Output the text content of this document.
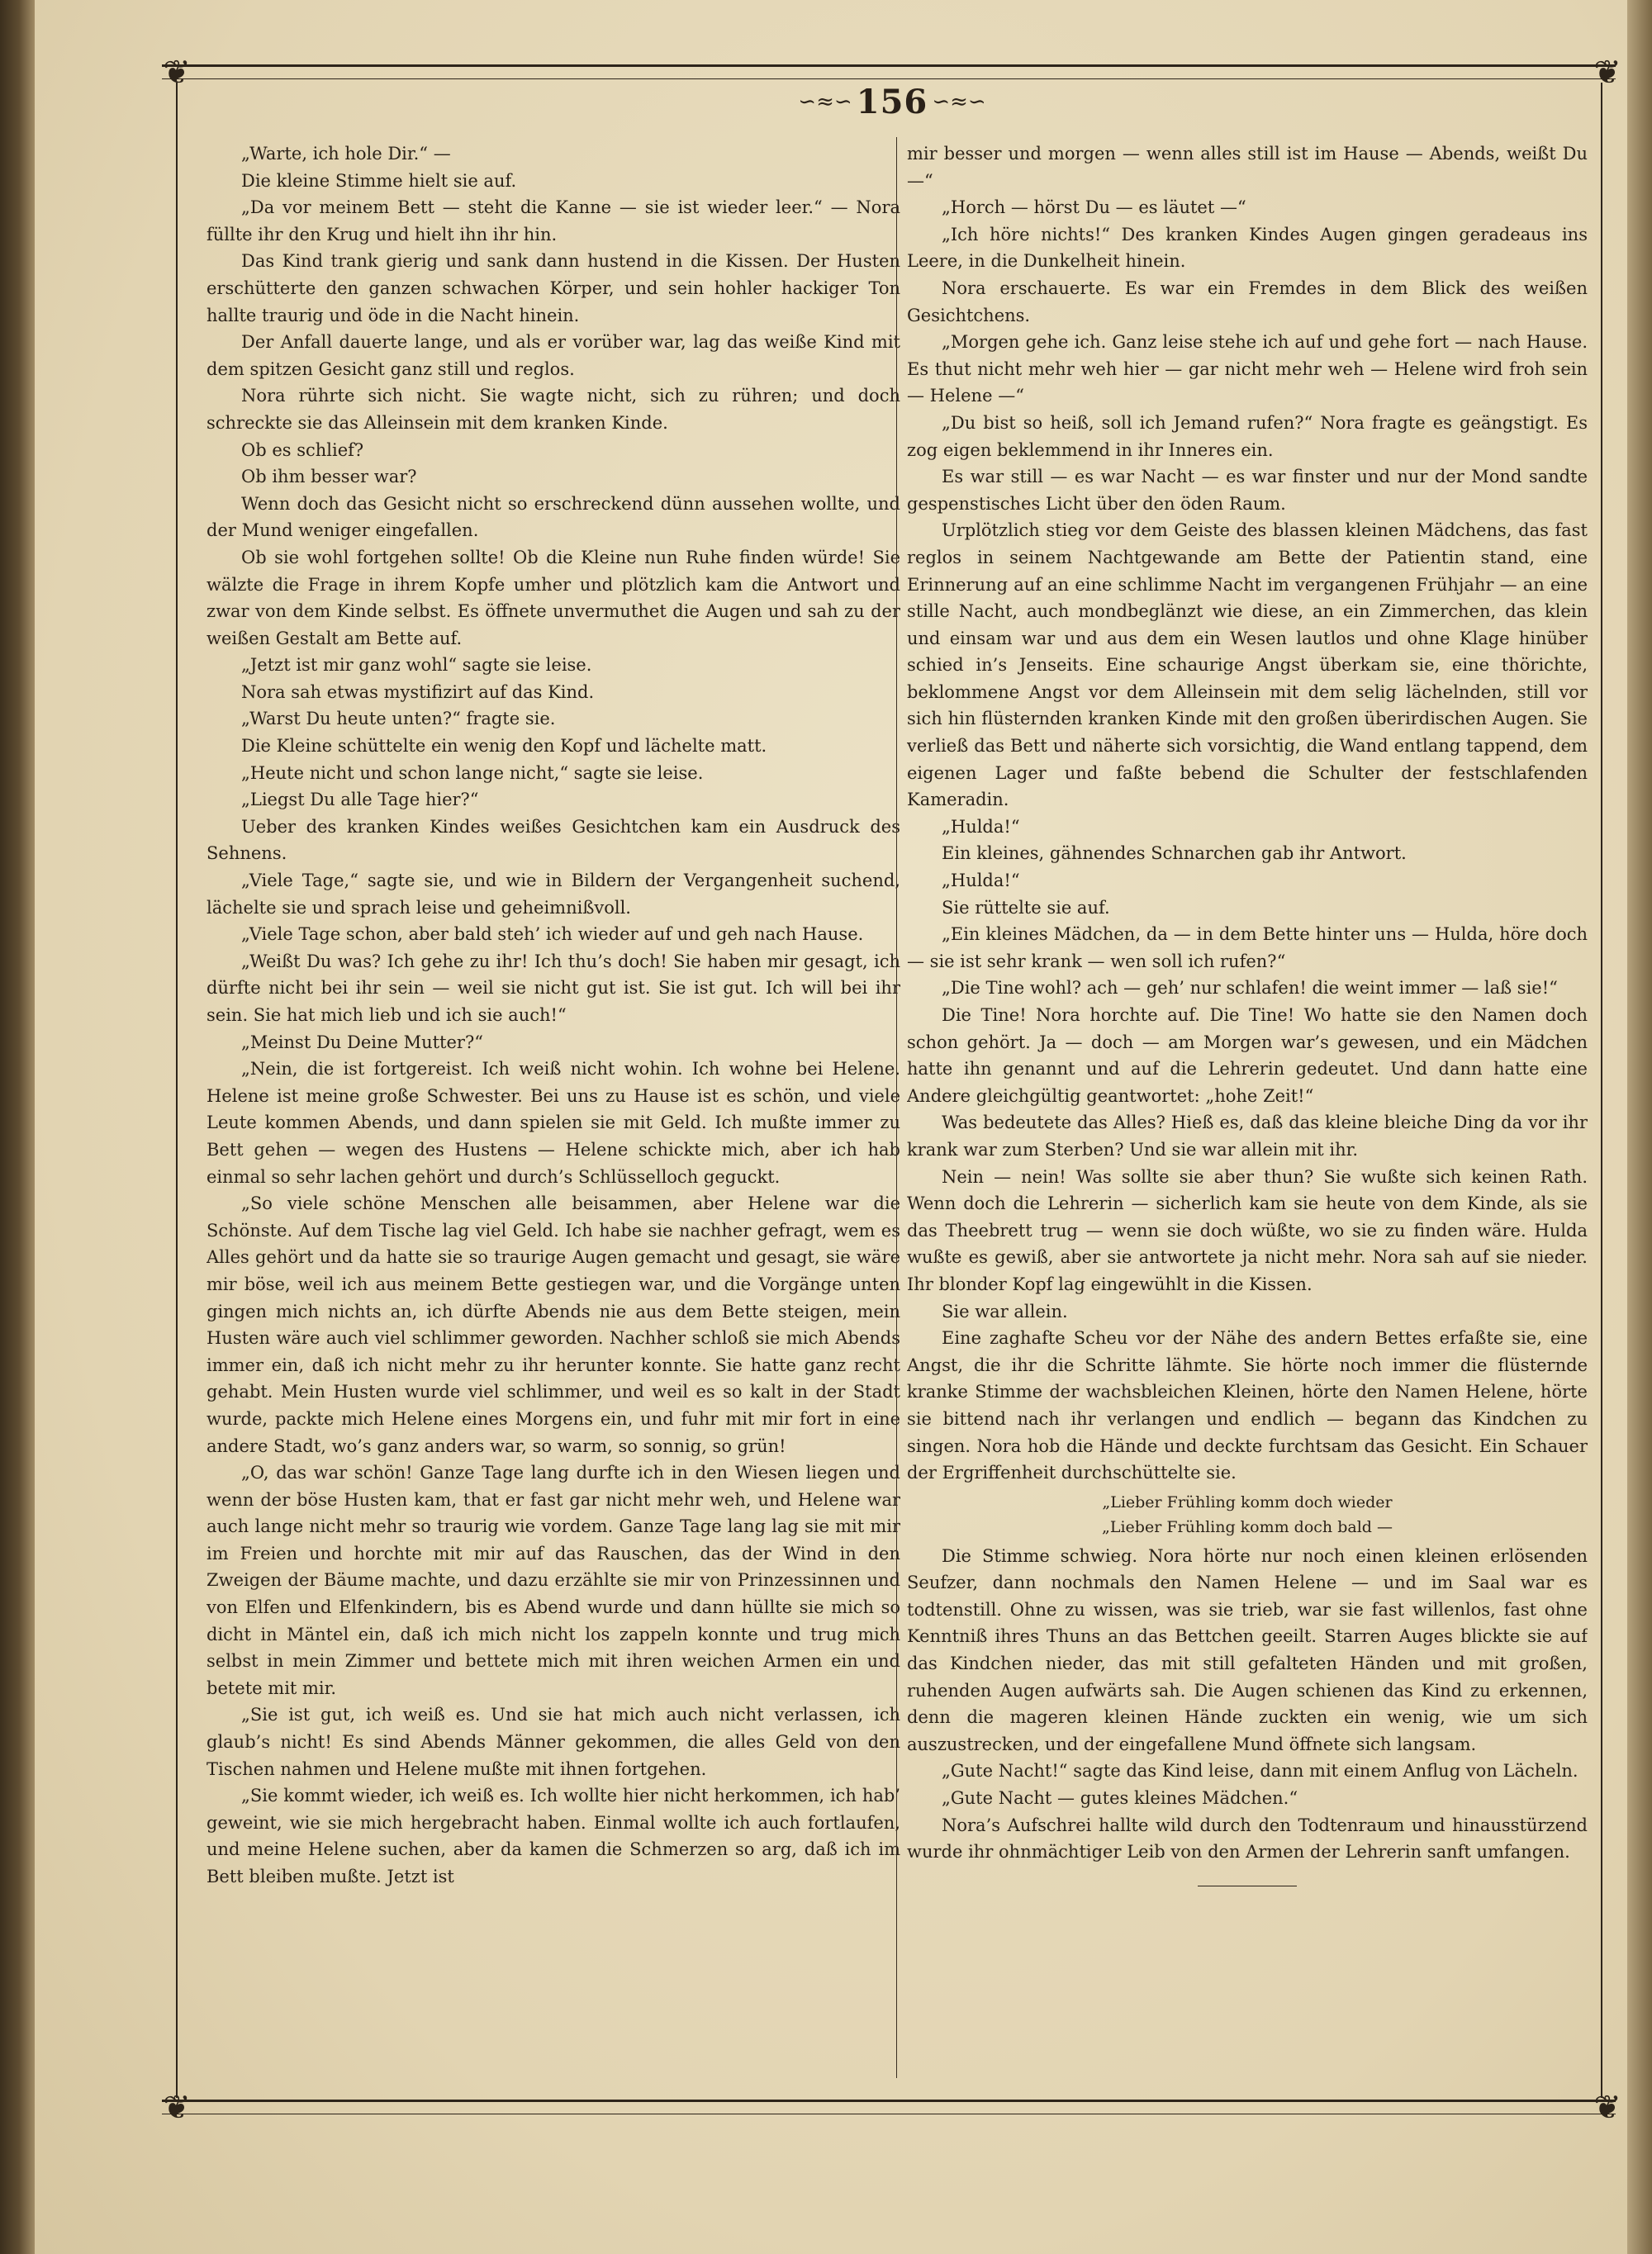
❦	❦
❦	❦
∽≈∽ 156 ∽≈∽

„Warte, ich hole Dir.“ —

Die kleine Stimme hielt sie auf.

„Da vor meinem Bett — steht die Kanne — sie ist wieder leer.“ — Nora füllte ihr den Krug und hielt ihn ihr hin.

Das Kind trank gierig und sank dann hustend in die Kissen. Der Husten erschütterte den ganzen schwachen Körper, und sein hohler hackiger Ton hallte traurig und öde in die Nacht hinein.

Der Anfall dauerte lange, und als er vorüber war, lag das weiße Kind mit dem spitzen Gesicht ganz still und reglos.

Nora rührte sich nicht. Sie wagte nicht, sich zu rühren; und doch schreckte sie das Alleinsein mit dem kranken Kinde.

Ob es schlief?

Ob ihm besser war?

Wenn doch das Gesicht nicht so erschreckend dünn aussehen wollte, und der Mund weniger eingefallen.

Ob sie wohl fortgehen sollte! Ob die Kleine nun Ruhe finden würde! Sie wälzte die Frage in ihrem Kopfe umher und plötzlich kam die Antwort und zwar von dem Kinde selbst. Es öffnete unvermuthet die Augen und sah zu der weißen Gestalt am Bette auf.

„Jetzt ist mir ganz wohl“ sagte sie leise.

Nora sah etwas mystifizirt auf das Kind.

„Warst Du heute unten?“ fragte sie.

Die Kleine schüttelte ein wenig den Kopf und lächelte matt.

„Heute nicht und schon lange nicht,“ sagte sie leise.

„Liegst Du alle Tage hier?“

Ueber des kranken Kindes weißes Gesichtchen kam ein Ausdruck des Sehnens.

„Viele Tage,“ sagte sie, und wie in Bildern der Vergangenheit suchend, lächelte sie und sprach leise und geheimnißvoll.

„Viele Tage schon, aber bald steh’ ich wieder auf und geh nach Hause.

„Weißt Du was? Ich gehe zu ihr! Ich thu’s doch! Sie haben mir gesagt, ich dürfte nicht bei ihr sein — weil sie nicht gut ist. Sie ist gut. Ich will bei ihr sein. Sie hat mich lieb und ich sie auch!“

„Meinst Du Deine Mutter?“

„Nein, die ist fortgereist. Ich weiß nicht wohin. Ich wohne bei Helene. Helene ist meine große Schwester. Bei uns zu Hause ist es schön, und viele Leute kommen Abends, und dann spielen sie mit Geld. Ich mußte immer zu Bett gehen — wegen des Hustens — Helene schickte mich, aber ich hab einmal so sehr lachen gehört und durch’s Schlüsselloch geguckt.

„So viele schöne Menschen alle beisammen, aber Helene war die Schönste. Auf dem Tische lag viel Geld. Ich habe sie nachher gefragt, wem es Alles gehört und da hatte sie so traurige Augen gemacht und gesagt, sie wäre mir böse, weil ich aus meinem Bette gestiegen war, und die Vorgänge unten gingen mich nichts an, ich dürfte Abends nie aus dem Bette steigen, mein Husten wäre auch viel schlimmer geworden. Nachher schloß sie mich Abends immer ein, daß ich nicht mehr zu ihr herunter konnte. Sie hatte ganz recht gehabt. Mein Husten wurde viel schlimmer, und weil es so kalt in der Stadt wurde, packte mich Helene eines Morgens ein, und fuhr mit mir fort in eine andere Stadt, wo’s ganz anders war, so warm, so sonnig, so grün!

„O, das war schön! Ganze Tage lang durfte ich in den Wiesen liegen und wenn der böse Husten kam, that er fast gar nicht mehr weh, und Helene war auch lange nicht mehr so traurig wie vordem. Ganze Tage lang lag sie mit mir im Freien und horchte mit mir auf das Rauschen, das der Wind in den Zweigen der Bäume machte, und dazu erzählte sie mir von Prinzessinnen und von Elfen und Elfenkindern, bis es Abend wurde und dann hüllte sie mich so dicht in Mäntel ein, daß ich mich nicht los zappeln konnte und trug mich selbst in mein Zimmer und bettete mich mit ihren weichen Armen ein und betete mit mir.

„Sie ist gut, ich weiß es. Und sie hat mich auch nicht verlassen, ich glaub’s nicht! Es sind Abends Männer gekommen, die alles Geld von den Tischen nahmen und Helene mußte mit ihnen fortgehen.

„Sie kommt wieder, ich weiß es. Ich wollte hier nicht herkommen, ich hab’ geweint, wie sie mich hergebracht haben. Einmal wollte ich auch fortlaufen, und meine Helene suchen, aber da kamen die Schmerzen so arg, daß ich im Bett bleiben mußte. Jetzt ist

mir besser und morgen — wenn alles still ist im Hause — Abends, weißt Du —“

„Horch — hörst Du — es läutet —“

„Ich höre nichts!“ Des kranken Kindes Augen gingen geradeaus ins Leere, in die Dunkelheit hinein.

Nora erschauerte. Es war ein Fremdes in dem Blick des weißen Gesichtchens.

„Morgen gehe ich. Ganz leise stehe ich auf und gehe fort — nach Hause. Es thut nicht mehr weh hier — gar nicht mehr weh — Helene wird froh sein — Helene —“

„Du bist so heiß, soll ich Jemand rufen?“ Nora fragte es geängstigt. Es zog eigen beklemmend in ihr Inneres ein.

Es war still — es war Nacht — es war finster und nur der Mond sandte gespenstisches Licht über den öden Raum.

Urplötzlich stieg vor dem Geiste des blassen kleinen Mädchens, das fast reglos in seinem Nachtgewande am Bette der Patientin stand, eine Erinnerung auf an eine schlimme Nacht im vergangenen Frühjahr — an eine stille Nacht, auch mondbeglänzt wie diese, an ein Zimmerchen, das klein und einsam war und aus dem ein Wesen lautlos und ohne Klage hinüber schied in’s Jenseits. Eine schaurige Angst überkam sie, eine thörichte, beklommene Angst vor dem Alleinsein mit dem selig lächelnden, still vor sich hin flüsternden kranken Kinde mit den großen überirdischen Augen. Sie verließ das Bett und näherte sich vorsichtig, die Wand entlang tappend, dem eigenen Lager und faßte bebend die Schulter der festschlafenden Kameradin.

„Hulda!“

Ein kleines, gähnendes Schnarchen gab ihr Antwort.

„Hulda!“

Sie rüttelte sie auf.

„Ein kleines Mädchen, da — in dem Bette hinter uns — Hulda, höre doch — sie ist sehr krank — wen soll ich rufen?“

„Die Tine wohl? ach — geh’ nur schlafen! die weint immer — laß sie!“

Die Tine! Nora horchte auf. Die Tine! Wo hatte sie den Namen doch schon gehört. Ja — doch — am Morgen war’s gewesen, und ein Mädchen hatte ihn genannt und auf die Lehrerin gedeutet. Und dann hatte eine Andere gleichgültig geantwortet: „hohe Zeit!“

Was bedeutete das Alles? Hieß es, daß das kleine bleiche Ding da vor ihr krank war zum Sterben? Und sie war allein mit ihr.

Nein — nein! Was sollte sie aber thun? Sie wußte sich keinen Rath. Wenn doch die Lehrerin — sicherlich kam sie heute von dem Kinde, als sie das Theebrett trug — wenn sie doch wüßte, wo sie zu finden wäre. Hulda wußte es gewiß, aber sie antwortete ja nicht mehr. Nora sah auf sie nieder. Ihr blonder Kopf lag eingewühlt in die Kissen.

Sie war allein.

Eine zaghafte Scheu vor der Nähe des andern Bettes erfaßte sie, eine Angst, die ihr die Schritte lähmte. Sie hörte noch immer die flüsternde kranke Stimme der wachsbleichen Kleinen, hörte den Namen Helene, hörte sie bittend nach ihr verlangen und endlich — begann das Kindchen zu singen. Nora hob die Hände und deckte furchtsam das Gesicht. Ein Schauer der Ergriffenheit durchschüttelte sie.

„Lieber Frühling komm doch wieder
„Lieber Frühling komm doch bald —

Die Stimme schwieg. Nora hörte nur noch einen kleinen erlösenden Seufzer, dann nochmals den Namen Helene — und im Saal war es todtenstill. Ohne zu wissen, was sie trieb, war sie fast willenlos, fast ohne Kenntniß ihres Thuns an das Bettchen geeilt. Starren Auges blickte sie auf das Kindchen nieder, das mit still gefalteten Händen und mit großen, ruhenden Augen aufwärts sah. Die Augen schienen das Kind zu erkennen, denn die mageren kleinen Hände zuckten ein wenig, wie um sich auszustrecken, und der eingefallene Mund öffnete sich langsam.

„Gute Nacht!“ sagte das Kind leise, dann mit einem Anflug von Lächeln.

„Gute Nacht — gutes kleines Mädchen.“

Nora’s Aufschrei hallte wild durch den Todtenraum und hinausstürzend wurde ihr ohnmächtiger Leib von den Armen der Lehrerin sanft umfangen.
